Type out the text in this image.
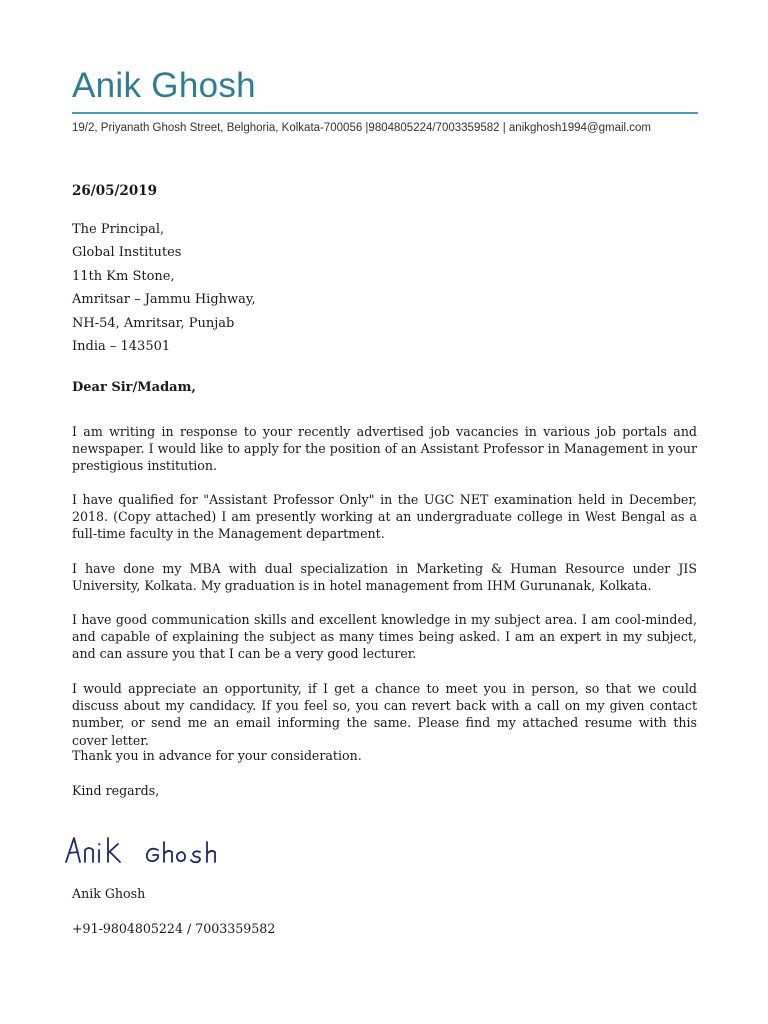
Anik Ghosh
19/2, Priyanath Ghosh Street, Belghoria, Kolkata-700056 |9804805224/7003359582 | anikghosh1994@gmail.com
26/05/2019
The Principal,
Global Institutes
11th Km Stone,
Amritsar – Jammu Highway,
NH-54, Amritsar, Punjab
India – 143501
Dear Sir/Madam,

I am writing in response to your recently advertised job vacancies in various job portals and newspaper. I would like to apply for the position of an Assistant Professor in Management in your prestigious institution.

I have qualified for "Assistant Professor Only" in the UGC NET examination held in December, 2018. (Copy attached) I am presently working at an undergraduate college in West Bengal as a full-time faculty in the Management department.

I have done my MBA with dual specialization in Marketing & Human Resource under JIS University, Kolkata. My graduation is in hotel management from IHM Gurunanak, Kolkata.

I have good communication skills and excellent knowledge in my subject area. I am cool-minded, and capable of explaining the subject as many times being asked. I am an expert in my subject, and can assure you that I can be a very good lecturer.

I would appreciate an opportunity, if I get a chance to meet you in person, so that we could discuss about my candidacy. If you feel so, you can revert back with a call on my given contact number, or send me an email informing the same. Please find my attached resume with this cover letter.

Thank you in advance for your consideration.
Kind regards,
Anik Ghosh
+91-9804805224 / 7003359582
